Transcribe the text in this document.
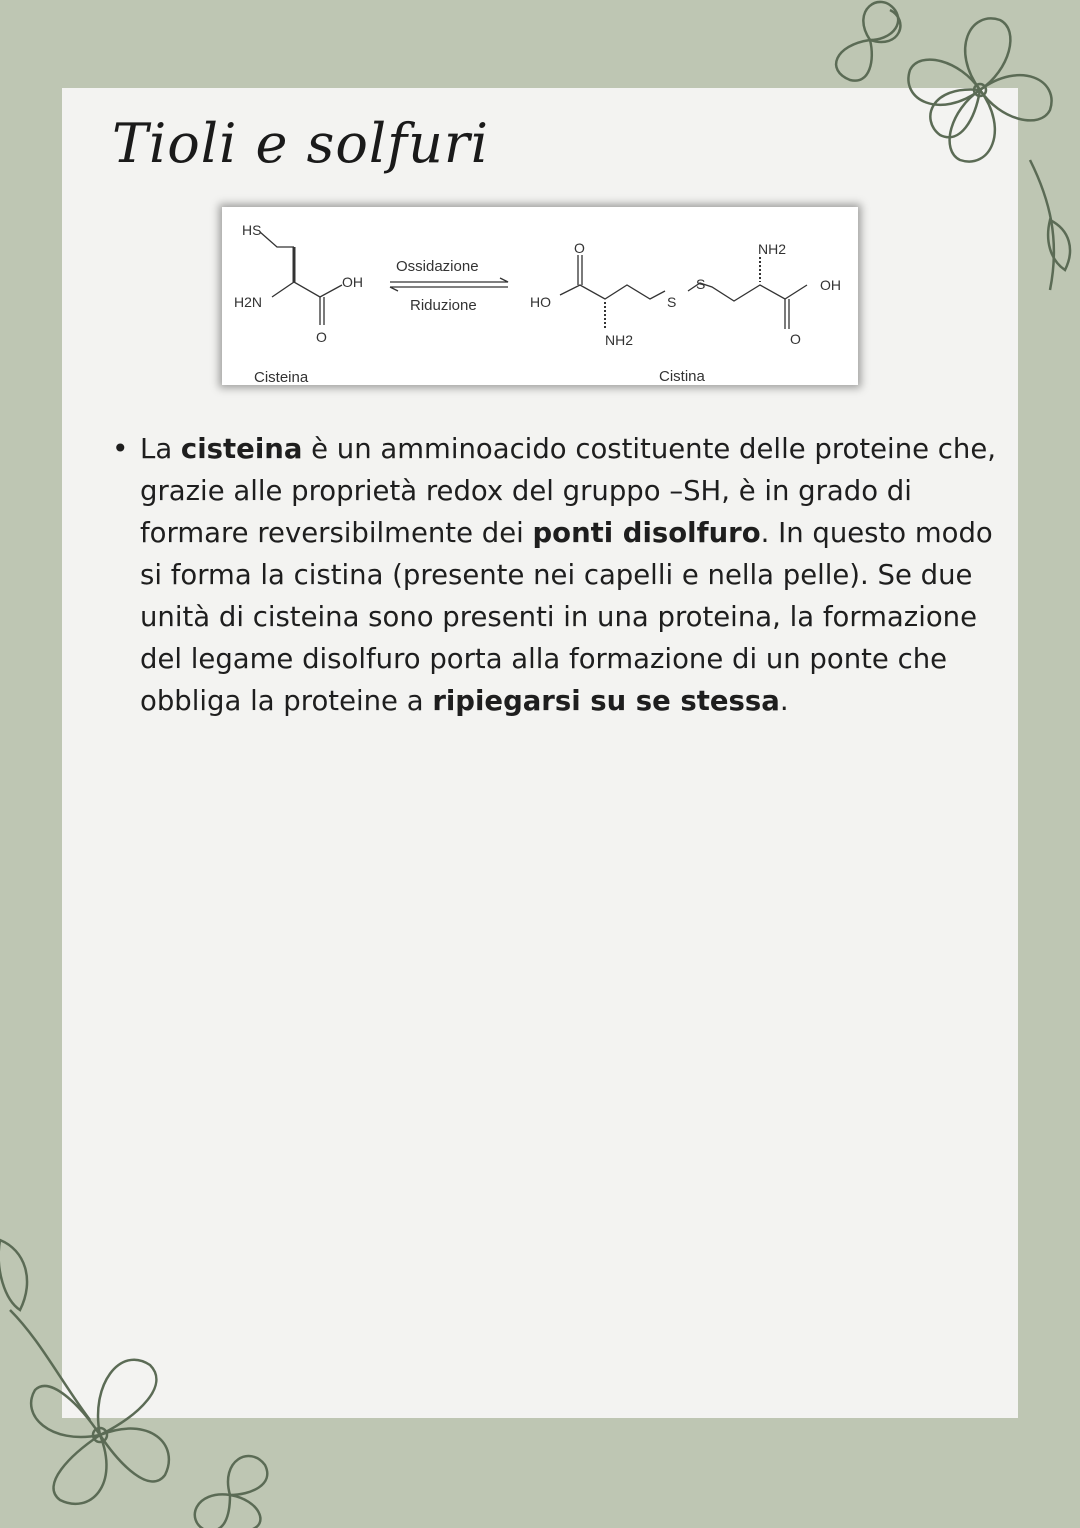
Tioli e solfuri
HS
OH
H2N
O
Cisteina
Ossidazione
Riduzione
O
HO
NH2
S
S
NH2
OH
O
Cistina
• La cisteina è un amminoacido costituente delle proteine che, grazie alle proprietà redox del gruppo –SH, è in grado di formare reversibilmente dei ponti disolfuro. In questo modo si forma la cistina (presente nei capelli e nella pelle). Se due unità di cisteina sono presenti in una proteina, la formazione del legame disolfuro porta alla formazione di un ponte che obbliga la proteine a ripiegarsi su se stessa.
